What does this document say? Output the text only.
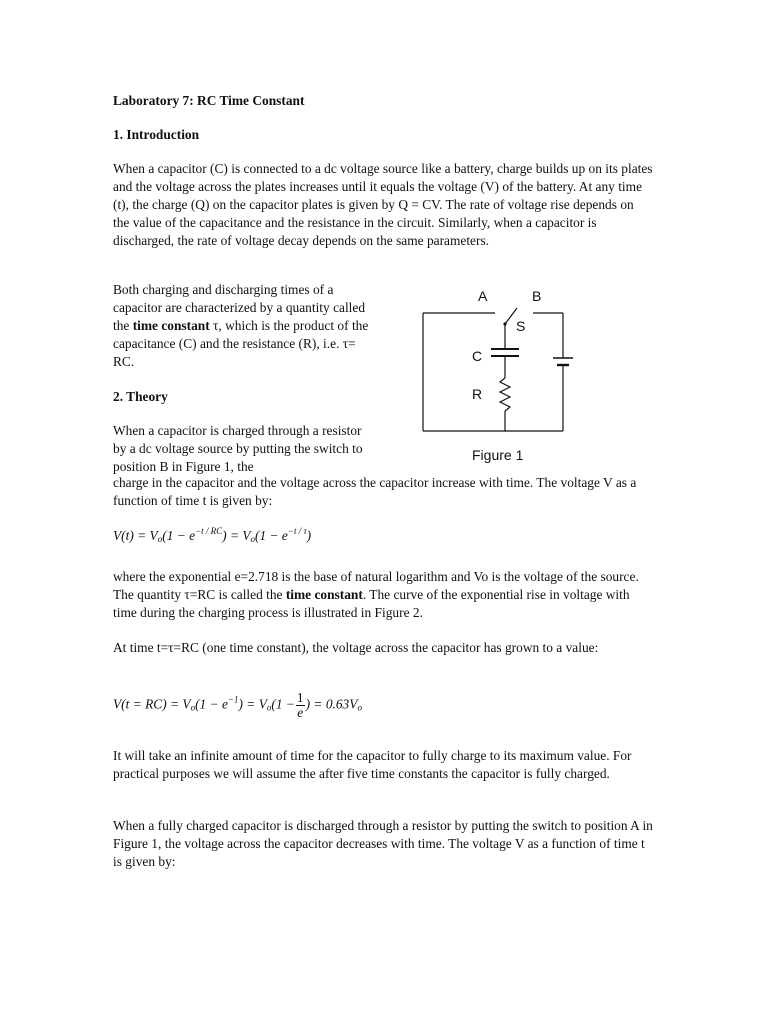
Laboratory 7: RC Time Constant

1. Introduction

When a capacitor (C) is connected to a dc voltage source like a battery, charge builds up on its plates and the voltage across the plates increases until it equals the voltage (V) of the battery. At any time (t), the charge (Q) on the capacitor plates is given by Q = CV. The rate of voltage rise depends on the value of the capacitance and the resistance in the circuit. Similarly, when a capacitor is discharged, the rate of voltage decay depends on the same parameters.

Both charging and discharging times of a capacitor are characterized by a quantity called the time constant τ, which is the product of the capacitance (C) and the resistance (R), i.e. τ= RC.

2. Theory

When a capacitor is charged through a resistor by a dc voltage source by putting the switch to position B in Figure 1, the

charge in the capacitor and the voltage across the capacitor increase with time. The voltage V as a function of time t is given by:

$V(t) = V_o(1 - e^{-t / RC}) = V_o(1 - e^{-t / \tau})$

where the exponential e=2.718 is the base of natural logarithm and Vo is the voltage of the source. The quantity τ=RC is called the time constant. The curve of the exponential rise in voltage with time during the charging process is illustrated in Figure 2.

At time t=τ=RC (one time constant), the voltage across the capacitor has grown to a value:

$V(t = RC) = V_o(1 - e^{-1}) = V_o(1 - \frac{1}{e}$ ) = $0.63V_o$

It will take an infinite amount of time for the capacitor to fully charge to its maximum value. For practical purposes we will assume the after five time constants the capacitor is fully charged.

When a fully charged capacitor is discharged through a resistor by putting the switch to position A in Figure 1, the voltage across the capacitor decreases with time. The voltage V as a function of time t is given by:

A	B
S
C
R
Figure 1
